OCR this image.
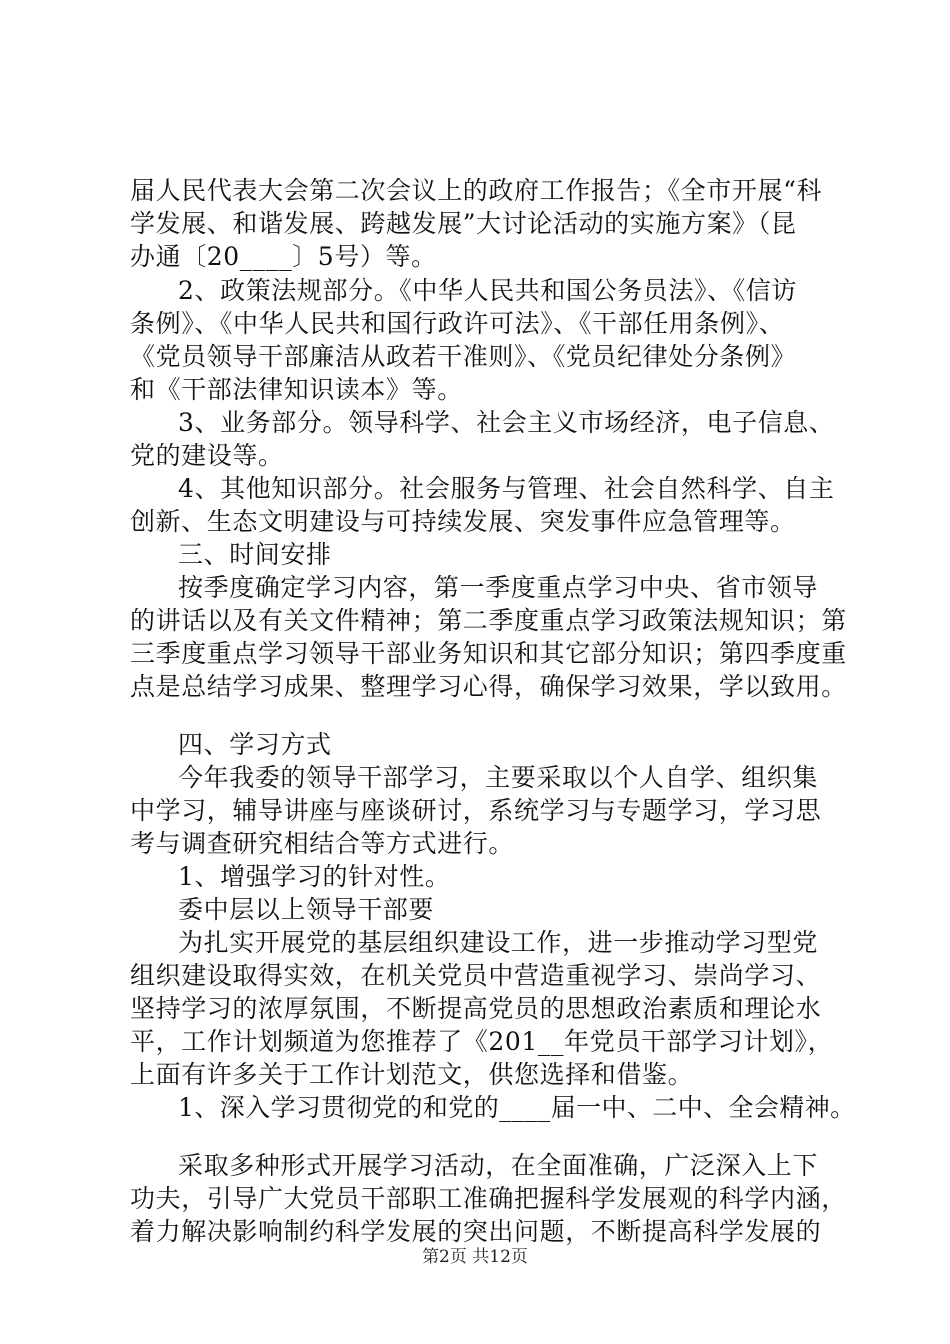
届人民代表大会第二次会议上的政府工作报告；《全市开展“科
学发展、和谐发展、跨越发展”大讨论活动的实施方案》（昆
办通〔20____〕5号）等。
2、政策法规部分。《中华人民共和国公务员法》、《信访
条例》、《中华人民共和国行政许可法》、《干部任用条例》、
《党员领导干部廉洁从政若干准则》、《党员纪律处分条例》
和《干部法律知识读本》等。
3、业务部分。领导科学、社会主义市场经济，电子信息、
党的建设等。
4、其他知识部分。社会服务与管理、社会自然科学、自主
创新、生态文明建设与可持续发展、突发事件应急管理等。
三、时间安排
按季度确定学习内容，第一季度重点学习中央、省市领导
的讲话以及有关文件精神；第二季度重点学习政策法规知识；第
三季度重点学习领导干部业务知识和其它部分知识；第四季度重
点是总结学习成果、整理学习心得，确保学习效果，学以致用。
四、学习方式
今年我委的领导干部学习，主要采取以个人自学、组织集
中学习，辅导讲座与座谈研讨，系统学习与专题学习，学习思
考与调查研究相结合等方式进行。
1、增强学习的针对性。
委中层以上领导干部要
为扎实开展党的基层组织建设工作，进一步推动学习型党
组织建设取得实效，在机关党员中营造重视学习、崇尚学习、
坚持学习的浓厚氛围，不断提高党员的思想政治素质和理论水
平，工作计划频道为您推荐了《201__年党员干部学习计划》，
上面有许多关于工作计划范文，供您选择和借鉴。
1、深入学习贯彻党的和党的____届一中、二中、全会精神。
采取多种形式开展学习活动，在全面准确，广泛深入上下
功夫，引导广大党员干部职工准确把握科学发展观的科学内涵，
着力解决影响制约科学发展的突出问题，不断提高科学发展的
第2页 共12页
